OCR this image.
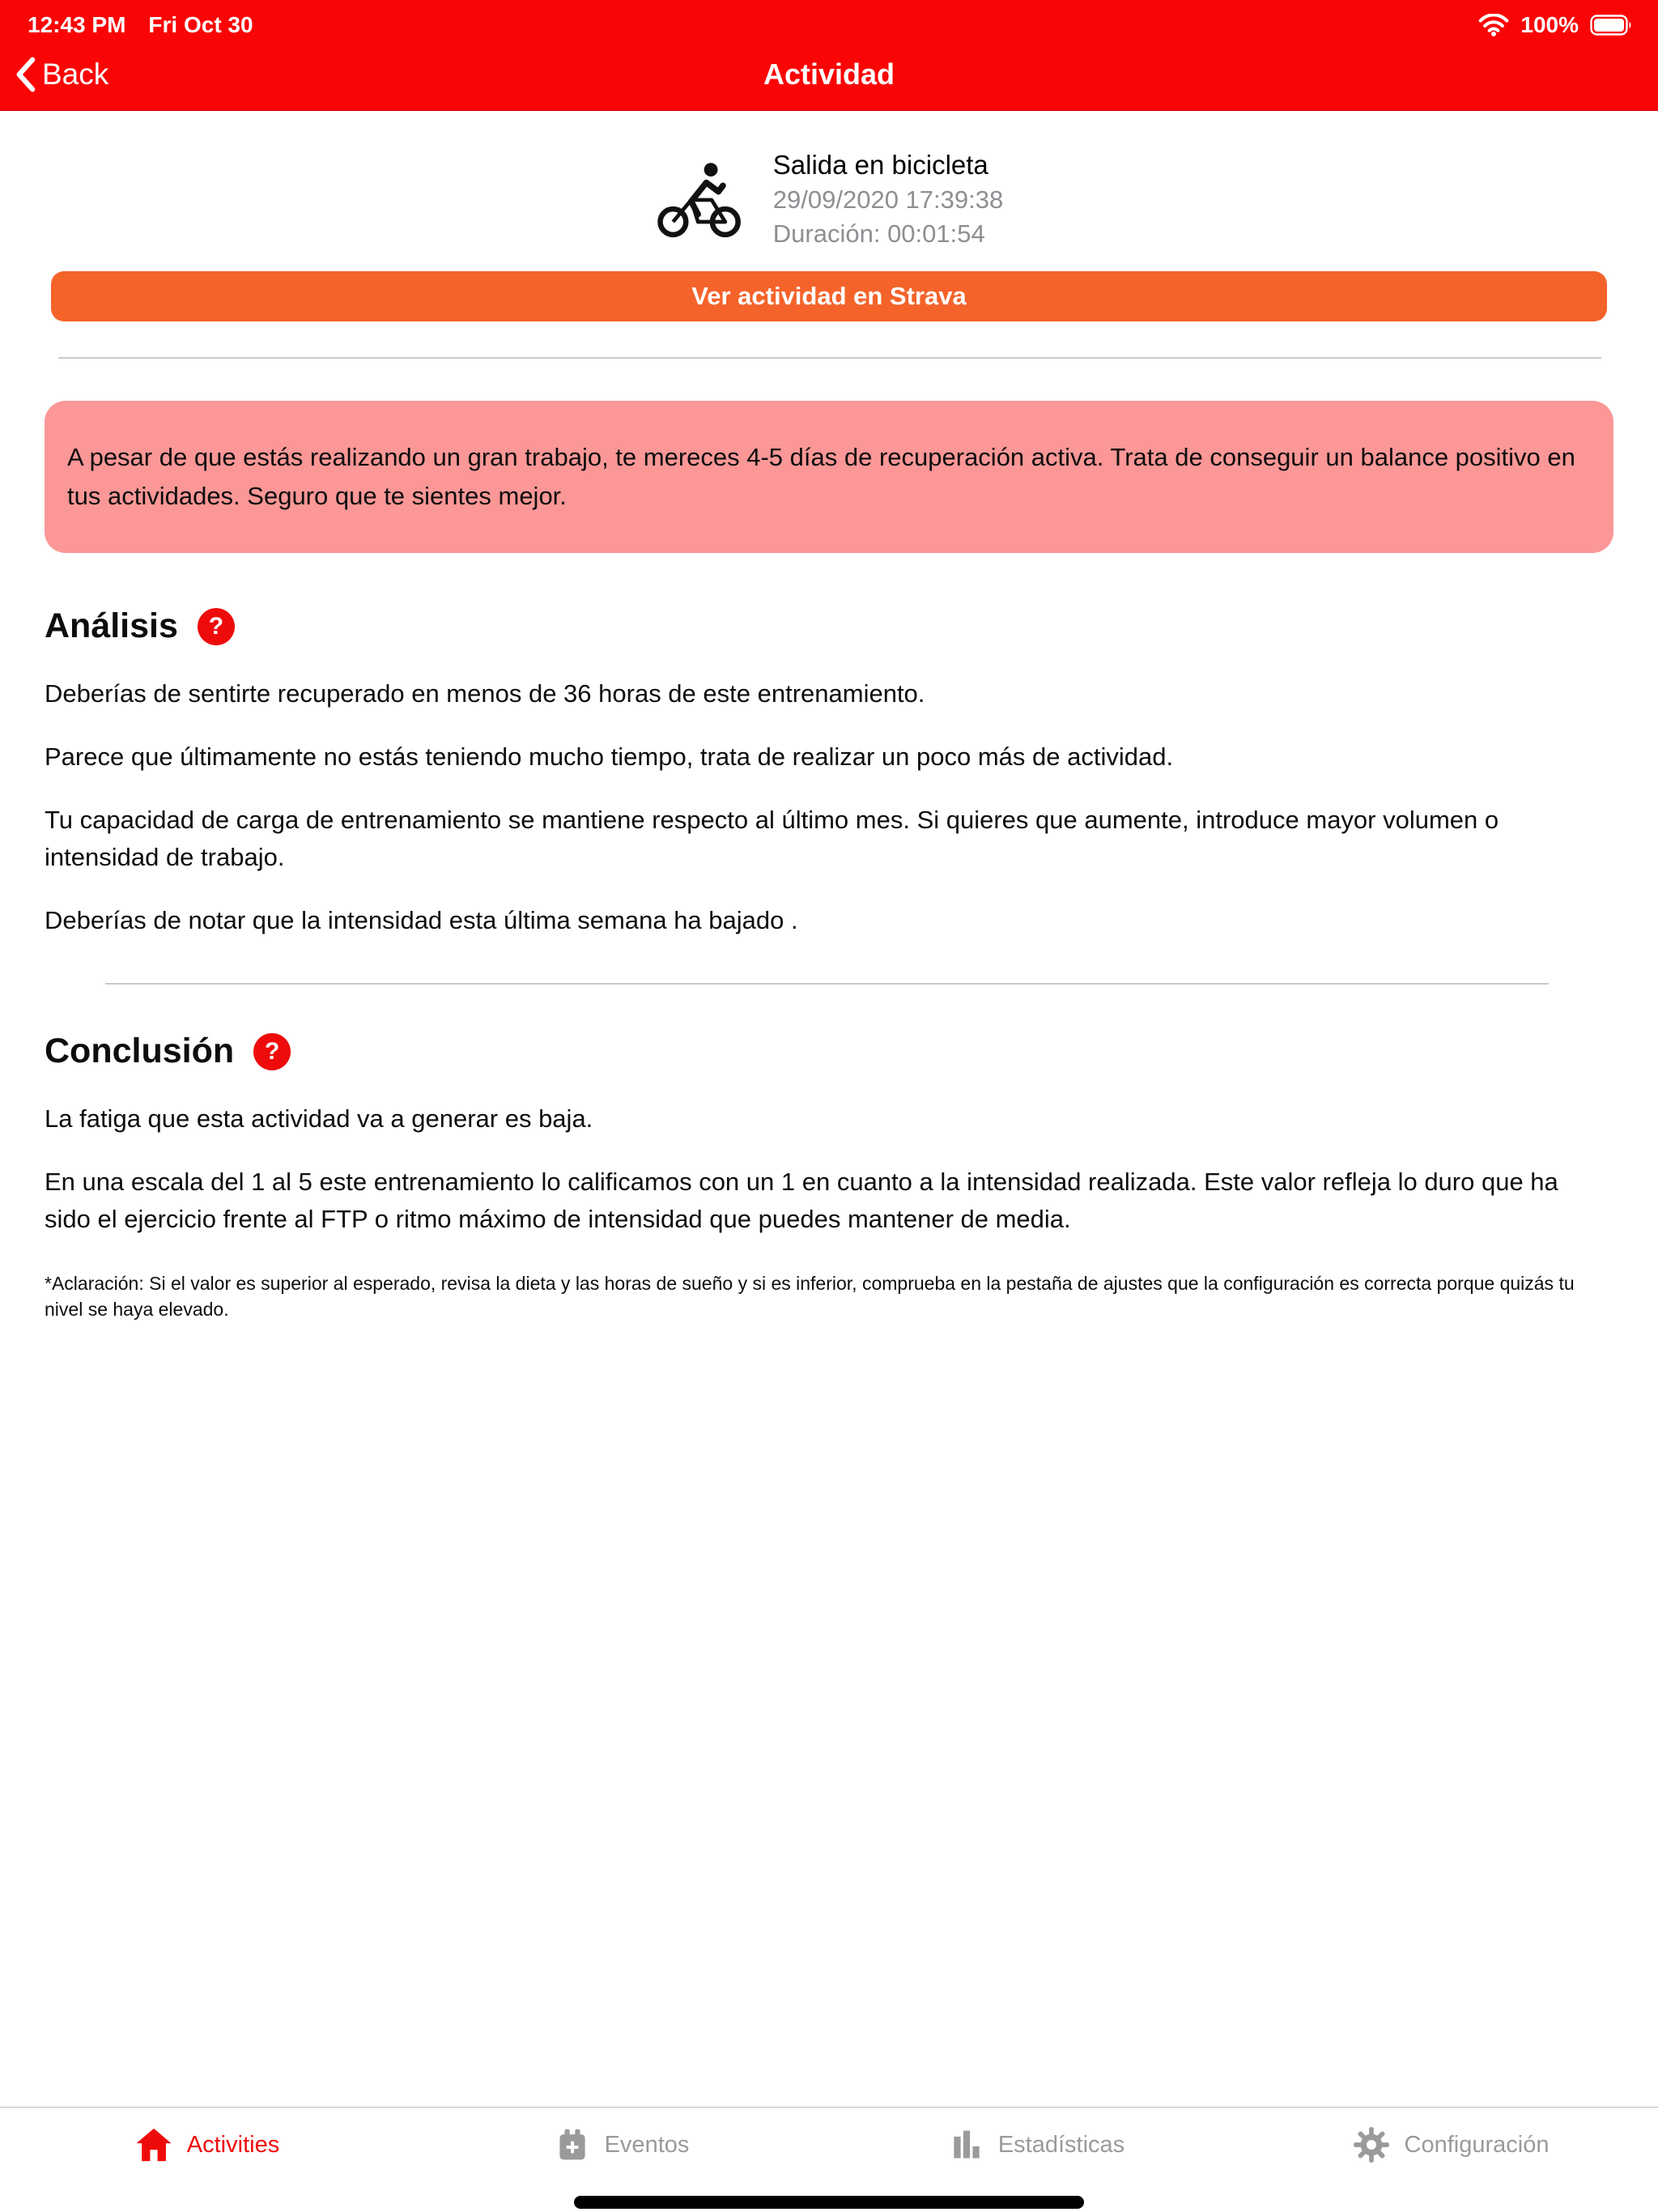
12:43 PM Fri Oct 30	100%
Back	Actividad
Salida en bicicleta
29/09/2020 17:39:38
Duración: 00:01:54
Ver actividad en Strava
A pesar de que estás realizando un gran trabajo, te mereces 4-5 días de recuperación activa. Trata de conseguir un balance positivo en tus actividades. Seguro que te sientes mejor.
Análisis	?

Deberías de sentirte recuperado en menos de 36 horas de este entrenamiento.

Parece que últimamente no estás teniendo mucho tiempo, trata de realizar un poco más de actividad.

Tu capacidad de carga de entrenamiento se mantiene respecto al último mes. Si quieres que aumente, introduce mayor volumen o intensidad de trabajo.

Deberías de notar que la intensidad esta última semana ha bajado .

Conclusión	?

La fatiga que esta actividad va a generar es baja.

En una escala del 1 al 5 este entrenamiento lo calificamos con un 1 en cuanto a la intensidad realizada. Este valor refleja lo duro que ha sido el ejercicio frente al FTP o ritmo máximo de intensidad que puedes mantener de media.

*Aclaración: Si el valor es superior al esperado, revisa la dieta y las horas de sueño y si es inferior, comprueba en la pestaña de ajustes que la configuración es correcta porque quizás tu nivel se haya elevado.

Activities	Eventos	Estadísticas	Configuración
